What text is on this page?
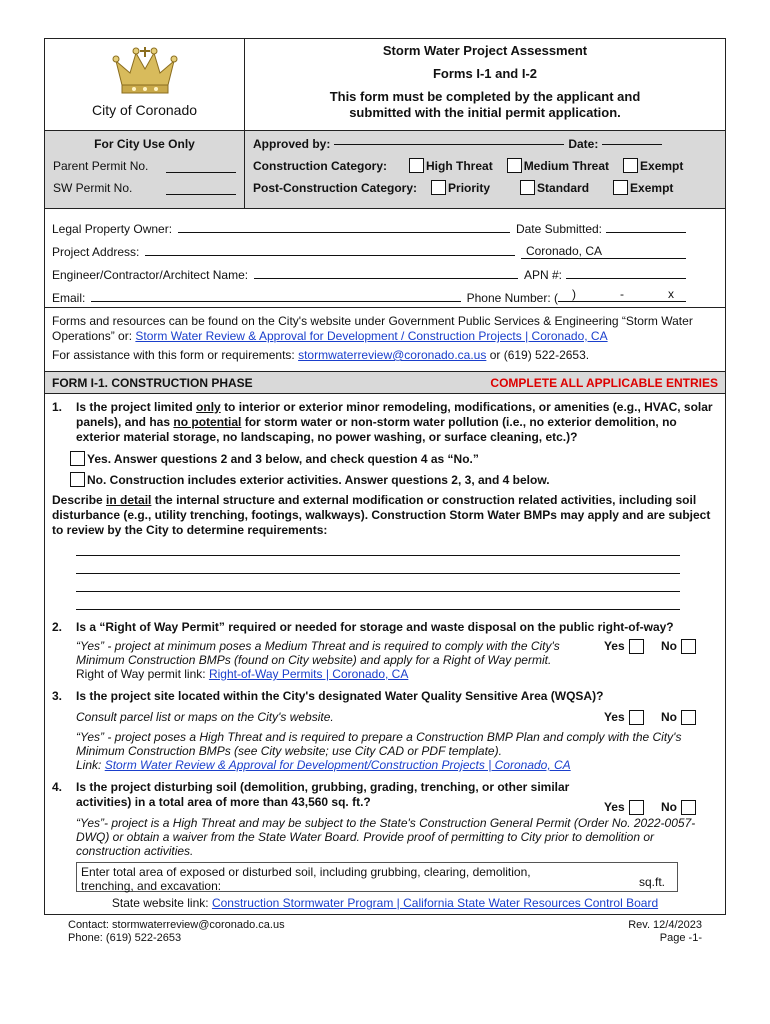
City of Coronado
Storm Water Project Assessment
Forms I-1 and I-2
This form must be completed by the applicant and
submitted with the initial permit application.
For City Use Only
Parent Permit No.
SW Permit No.
Approved by:	Date:
Construction Category:	High Threat	Medium Threat	Exempt
Post-Construction Category:	Priority	Standard	Exempt
Legal Property Owner:	Date Submitted:
Project Address:	Coronado, CA
Engineer/Contractor/Architect Name:	APN #:
Email:	Phone Number: ( )	-	x
Forms and resources can be found on the City's website under Government Public Services & Engineering “Storm Water Operations” or: Storm Water Review & Approval for Development / Construction Projects | Coronado, CA
For assistance with this form or requirements: stormwaterreview@coronado.ca.us or (619) 522-2653.
FORM I-1. CONSTRUCTION PHASE	COMPLETE ALL APPLICABLE ENTRIES
1.	Is the project limited only to interior or exterior minor remodeling, modifications, or amenities (e.g., HVAC, solar panels), and has no potential for storm water or non-storm water pollution (i.e., no exterior demolition, no exterior material storage, no landscaping, no power washing, or surface cleaning, etc.)?
Yes. Answer questions 2 and 3 below, and check question 4 as “No.”
No. Construction includes exterior activities. Answer questions 2, 3, and 4 below.
Describe in detail the internal structure and external modification or construction related activities, including soil disturbance (e.g., utility trenching, footings, walkways). Construction Storm Water BMPs may apply and are subject to review by the City to determine requirements:
2. Is a “Right of Way Permit” required or needed for storage and waste disposal on the public right-of-way?
Yes	No
“Yes” - project at minimum poses a Medium Threat and is required to comply with the City's Minimum Construction BMPs (found on City website) and apply for a Right of Way permit.
Right of Way permit link: Right-of-Way Permits | Coronado, CA
3. Is the project site located within the City's designated Water Quality Sensitive Area (WQSA)?
Yes	No
Consult parcel list or maps on the City's website.
“Yes” - project poses a High Threat and is required to prepare a Construction BMP Plan and comply with the City's Minimum Construction BMPs (see City website; use City CAD or PDF template).
Link: Storm Water Review & Approval for Development/Construction Projects | Coronado, CA
4.	Is the project disturbing soil (demolition, grubbing, grading, trenching, or other similar activities) in a total area of more than 43,560 sq. ft.?	Yes	No
“Yes”- project is a High Threat and may be subject to the State's Construction General Permit (Order No. 2022-0057-DWQ) or obtain a waiver from the State Water Board. Provide proof of permitting to City prior to demolition or construction activities.
Enter total area of exposed or disturbed soil, including grubbing, clearing, demolition, trenching, and excavation:	sq.ft.
State website link: Construction Stormwater Program | California State Water Resources Control Board
Contact: stormwaterreview@coronado.ca.us
Phone: (619) 522-2653
Rev. 12/4/2023
Page -1-
